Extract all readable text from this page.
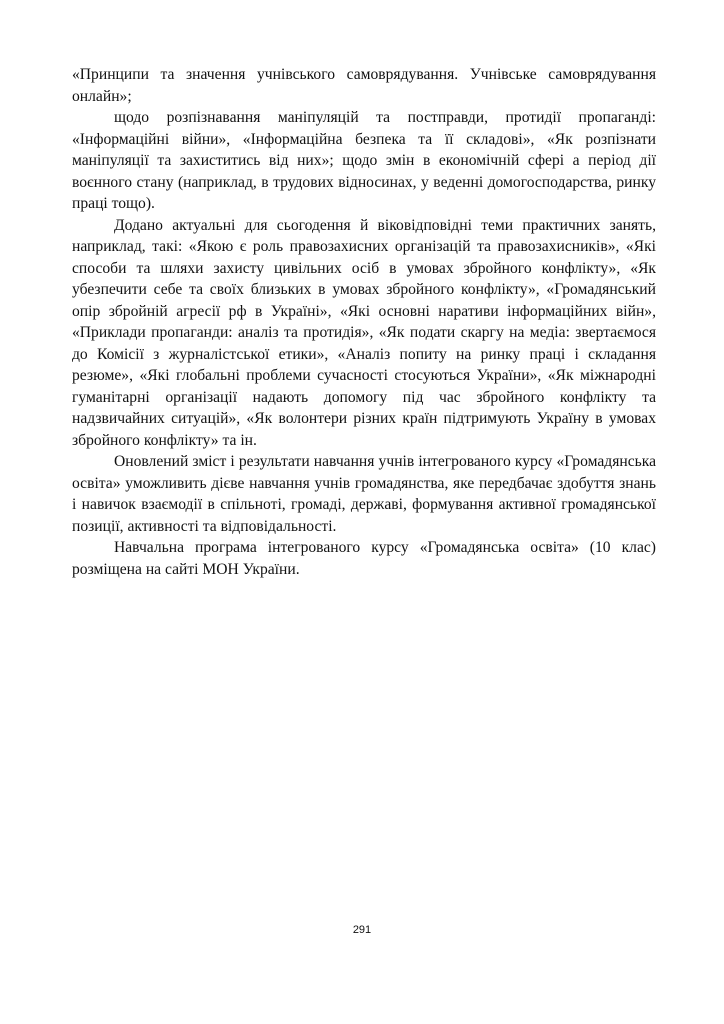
«Принципи та значення учнівського самоврядування. Учнівське самоврядування онлайн»;

щодо розпізнавання маніпуляцій та постправди, протидії пропаганді: «Інформаційні війни», «Інформаційна безпека та її складові», «Як розпізнати маніпуляції та захиститись від них»; щодо змін в економічній сфері а період дії воєнного стану (наприклад, в трудових відносинах, у веденні домогосподарства, ринку праці тощо).

Додано актуальні для сьогодення й віковідповідні теми практичних занять, наприклад, такі: «Якою є роль правозахисних організацій та правозахисників», «Які способи та шляхи захисту цивільних осіб в умовах збройного конфлікту», «Як убезпечити себе та своїх близьких в умовах збройного конфлікту», «Громадянський опір збройній агресії рф в Україні», «Які основні наративи інформаційних війн», «Приклади пропаганди: аналіз та протидія», «Як подати скаргу на медіа: звертаємося до Комісії з журналістської етики», «Аналіз попиту на ринку праці і складання резюме», «Які глобальні проблеми сучасності стосуються України», «Як міжнародні гуманітарні організації надають допомогу під час збройного конфлікту та надзвичайних ситуацій», «Як волонтери різних країн підтримують Україну в умовах збройного конфлікту» та ін.

Оновлений зміст і результати навчання учнів інтегрованого курсу «Громадянська освіта» уможливить дієве навчання учнів громадянства, яке передбачає здобуття знань і навичок взаємодії в спільноті, громаді, державі, формування активної громадянської позиції, активності та відповідальності.

Навчальна програма інтегрованого курсу «Громадянська освіта» (10 клас) розміщена на сайті МОН України.

291
